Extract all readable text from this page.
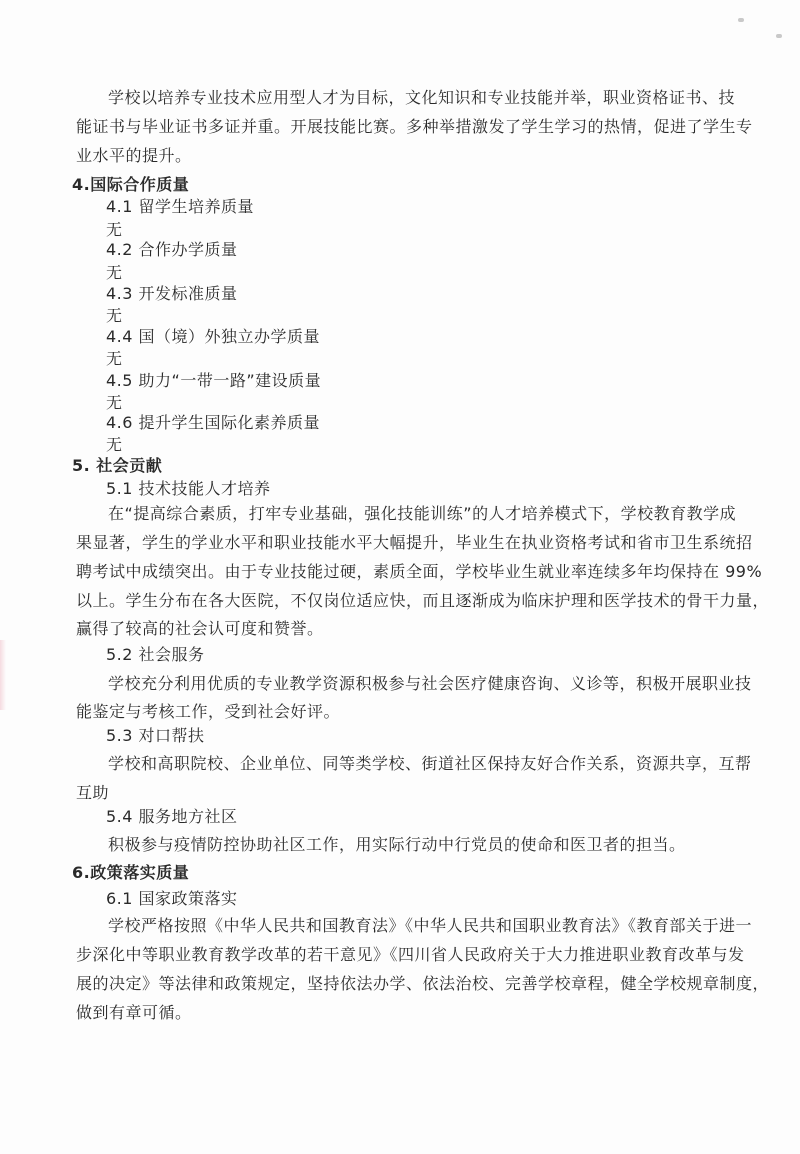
学校以培养专业技术应用型人才为目标，文化知识和专业技能并举，职业资格证书、技
能证书与毕业证书多证并重。开展技能比赛。多种举措激发了学生学习的热情，促进了学生专
业水平的提升。
4.国际合作质量
4.1 留学生培养质量
无
4.2 合作办学质量
无
4.3 开发标准质量
无
4.4 国（境）外独立办学质量
无
4.5 助力“一带一路”建设质量
无
4.6 提升学生国际化素养质量
无
5. 社会贡献
5.1 技术技能人才培养
在“提高综合素质，打牢专业基础，强化技能训练”的人才培养模式下，学校教育教学成
果显著，学生的学业水平和职业技能水平大幅提升，毕业生在执业资格考试和省市卫生系统招
聘考试中成绩突出。由于专业技能过硬，素质全面，学校毕业生就业率连续多年均保持在 99%
以上。学生分布在各大医院，不仅岗位适应快，而且逐渐成为临床护理和医学技术的骨干力量，
赢得了较高的社会认可度和赞誉。
5.2 社会服务
学校充分利用优质的专业教学资源积极参与社会医疗健康咨询、义诊等，积极开展职业技
能鉴定与考核工作，受到社会好评。
5.3 对口帮扶
学校和高职院校、企业单位、同等类学校、街道社区保持友好合作关系，资源共享，互帮
互助
5.4 服务地方社区
积极参与疫情防控协助社区工作，用实际行动中行党员的使命和医卫者的担当。
6.政策落实质量
6.1 国家政策落实
学校严格按照《中华人民共和国教育法》《中华人民共和国职业教育法》《教育部关于进一
步深化中等职业教育教学改革的若干意见》《四川省人民政府关于大力推进职业教育改革与发
展的决定》等法律和政策规定，坚持依法办学、依法治校、完善学校章程，健全学校规章制度，
做到有章可循。
